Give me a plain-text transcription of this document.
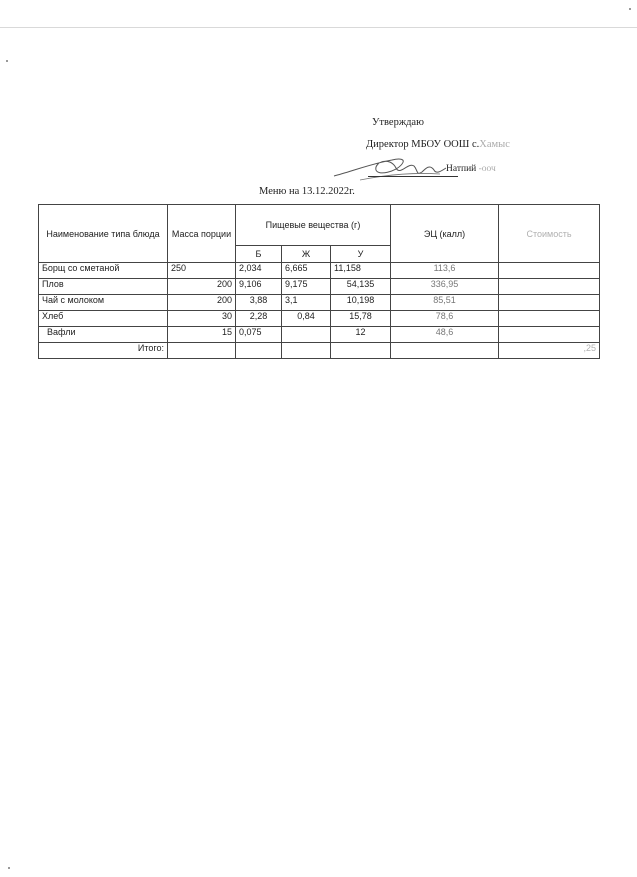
Утверждаю
Директор МБОУ ООШ с.Хамыс
Натпий -ооч
Меню на 13.12.2022г.
Наименование типа блюда	Масса порции	Пищевые вещества (г)			ЭЦ (калл)	Стоимость
		Б	Ж	У		
Борщ со сметаной	250	2,034	6,665	11,158	113,6	
Плов	200	9,106	9,175	54,135	336,95	
Чай с молоком	200	3,88	3,1	10,198	85,51	
Хлеб	30	2,28	0,84	15,78	78,6	
Вафли	15	0,075		12	48,6	
Итого:						,25
